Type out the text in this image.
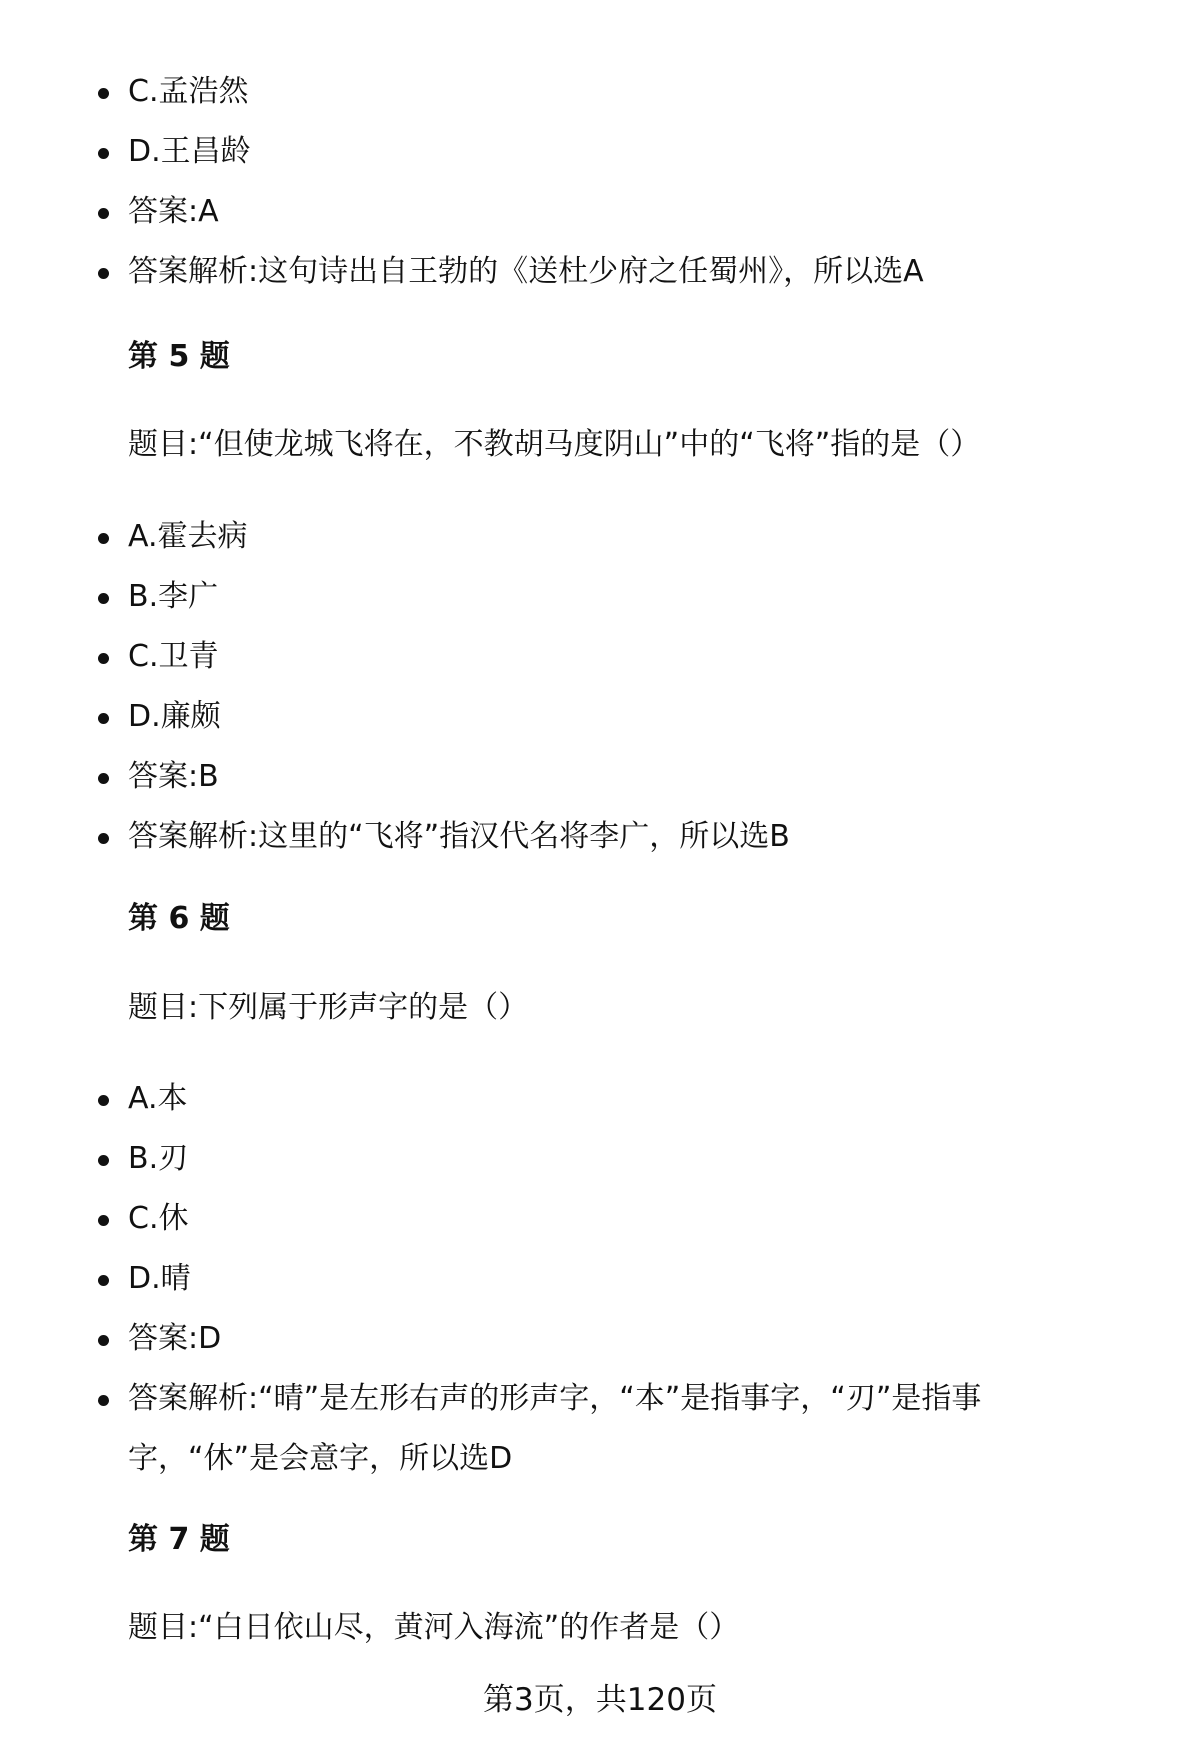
C.孟浩然
D.王昌龄
答案:A
答案解析:这句诗出自王勃的《送杜少府之任蜀州》，所以选A
第 5 题

题目:“但使龙城飞将在，不教胡马度阴山”中的“飞将”指的是（）

A.霍去病
B.李广
C.卫青
D.廉颇
答案:B
答案解析:这里的“飞将”指汉代名将李广，所以选B
第 6 题

题目:下列属于形声字的是（）

A.本
B.刃
C.休
D.晴
答案:D
答案解析:“晴”是左形右声的形声字，“本”是指事字，“刃”是指事字，“休”是会意字，所以选D
第 7 题

题目:“白日依山尽，黄河入海流”的作者是（）

第3页，共120页
